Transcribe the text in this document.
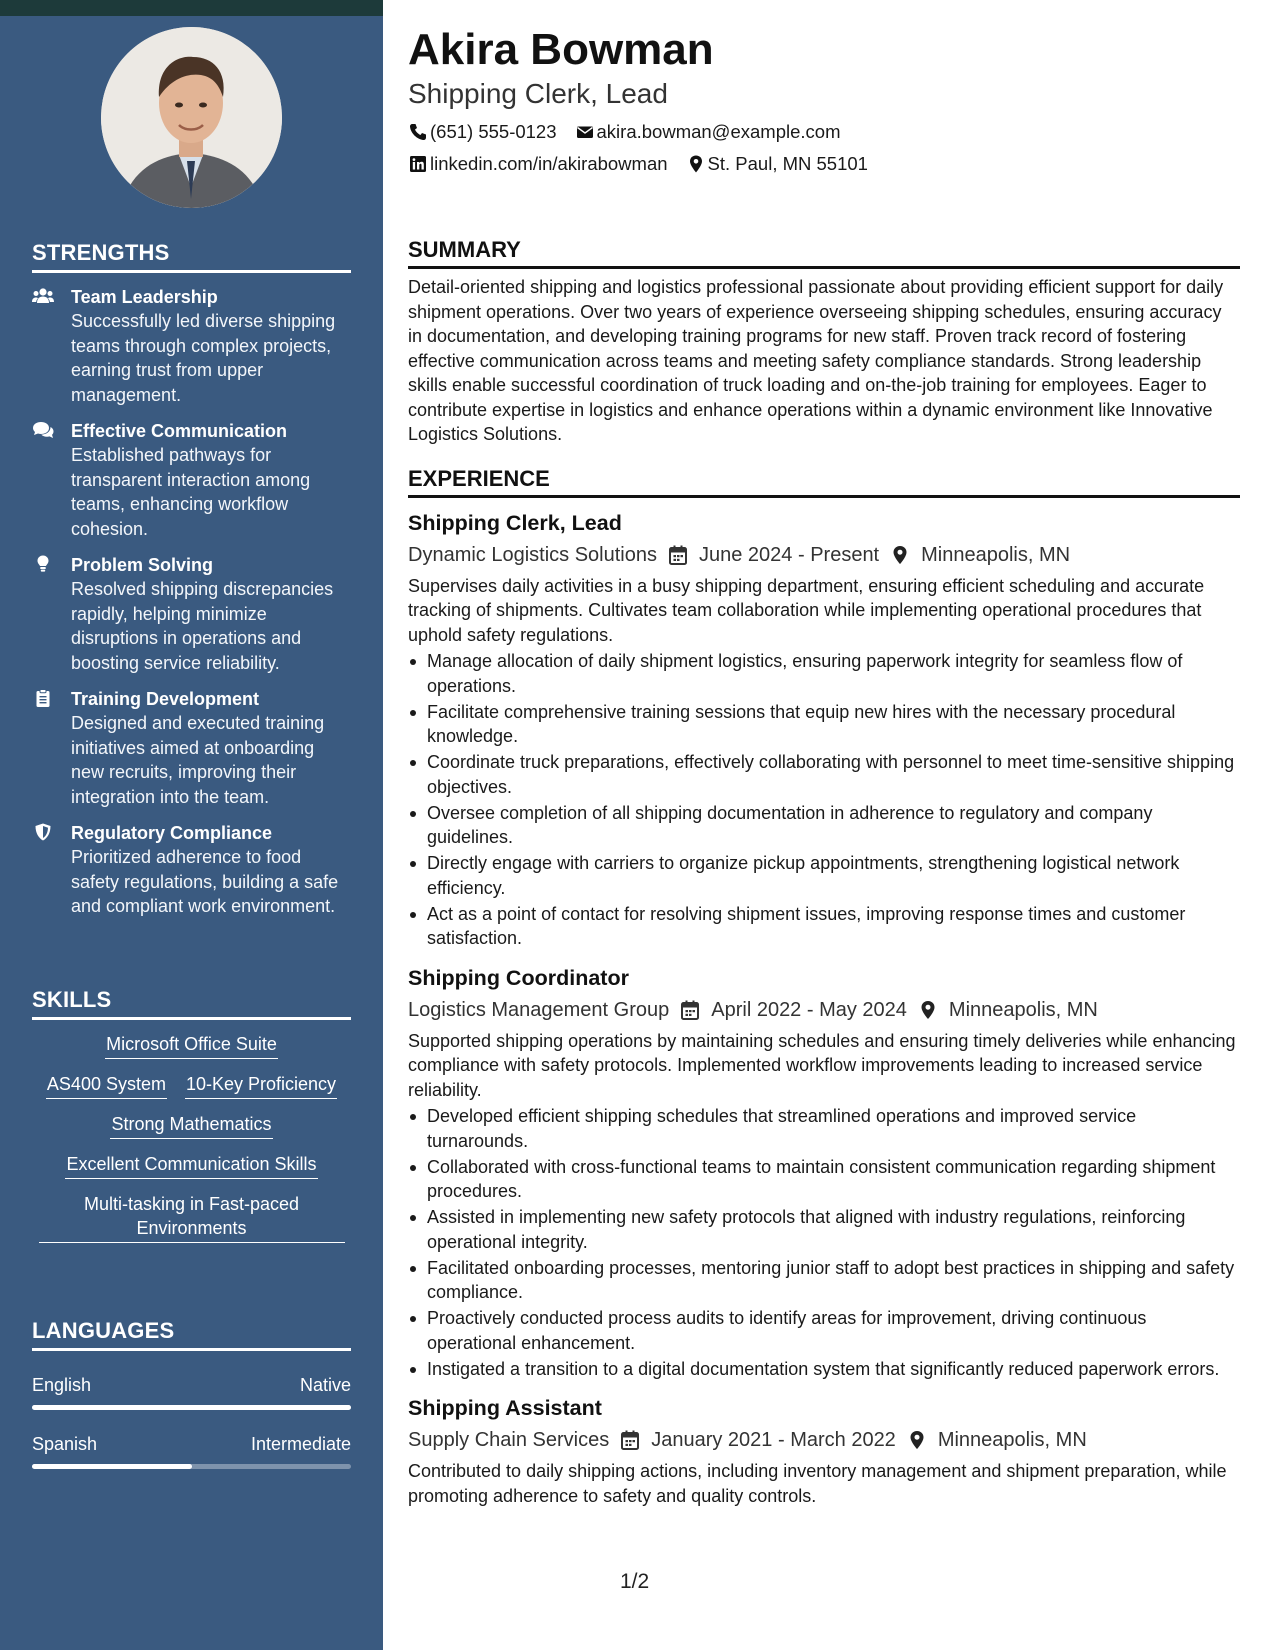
STRENGTHS
Team Leadership
Successfully led diverse shipping teams through complex projects, earning trust from upper management.
Effective Communication
Established pathways for transparent interaction among teams, enhancing workflow cohesion.
Problem Solving
Resolved shipping discrepancies rapidly, helping minimize disruptions in operations and boosting service reliability.
Training Development
Designed and executed training initiatives aimed at onboarding new recruits, improving their integration into the team.
Regulatory Compliance
Prioritized adherence to food safety regulations, building a safe and compliant work environment.
SKILLS
Microsoft Office Suite
AS400 System 10-Key Proficiency
Strong Mathematics
Excellent Communication Skills
Multi-tasking in Fast-paced Environments
LANGUAGES
English	Native
Spanish	Intermediate
Akira Bowman
Shipping Clerk, Lead
(651) 555-0123 akira.bowman@example.com
linkedin.com/in/akirabowman St. Paul, MN 55101
SUMMARY
Detail-oriented shipping and logistics professional passionate about providing efficient support for daily shipment operations. Over two years of experience overseeing shipping schedules, ensuring accuracy in documentation, and developing training programs for new staff. Proven track record of fostering effective communication across teams and meeting safety compliance standards. Strong leadership skills enable successful coordination of truck loading and on-the-job training for employees. Eager to contribute expertise in logistics and enhance operations within a dynamic environment like Innovative Logistics Solutions.
EXPERIENCE
Shipping Clerk, Lead
Dynamic Logistics Solutions June 2024 - Present Minneapolis, MN
Supervises daily activities in a busy shipping department, ensuring efficient scheduling and accurate tracking of shipments. Cultivates team collaboration while implementing operational procedures that uphold safety regulations.
Manage allocation of daily shipment logistics, ensuring paperwork integrity for seamless flow of operations.
Facilitate comprehensive training sessions that equip new hires with the necessary procedural knowledge.
Coordinate truck preparations, effectively collaborating with personnel to meet time-sensitive shipping objectives.
Oversee completion of all shipping documentation in adherence to regulatory and company guidelines.
Directly engage with carriers to organize pickup appointments, strengthening logistical network efficiency.
Act as a point of contact for resolving shipment issues, improving response times and customer satisfaction.
Shipping Coordinator
Logistics Management Group April 2022 - May 2024 Minneapolis, MN
Supported shipping operations by maintaining schedules and ensuring timely deliveries while enhancing compliance with safety protocols. Implemented workflow improvements leading to increased service reliability.
Developed efficient shipping schedules that streamlined operations and improved service turnarounds.
Collaborated with cross-functional teams to maintain consistent communication regarding shipment procedures.
Assisted in implementing new safety protocols that aligned with industry regulations, reinforcing operational integrity.
Facilitated onboarding processes, mentoring junior staff to adopt best practices in shipping and safety compliance.
Proactively conducted process audits to identify areas for improvement, driving continuous operational enhancement.
Instigated a transition to a digital documentation system that significantly reduced paperwork errors.
Shipping Assistant
Supply Chain Services January 2021 - March 2022 Minneapolis, MN
Contributed to daily shipping actions, including inventory management and shipment preparation, while promoting adherence to safety and quality controls.
1/2
